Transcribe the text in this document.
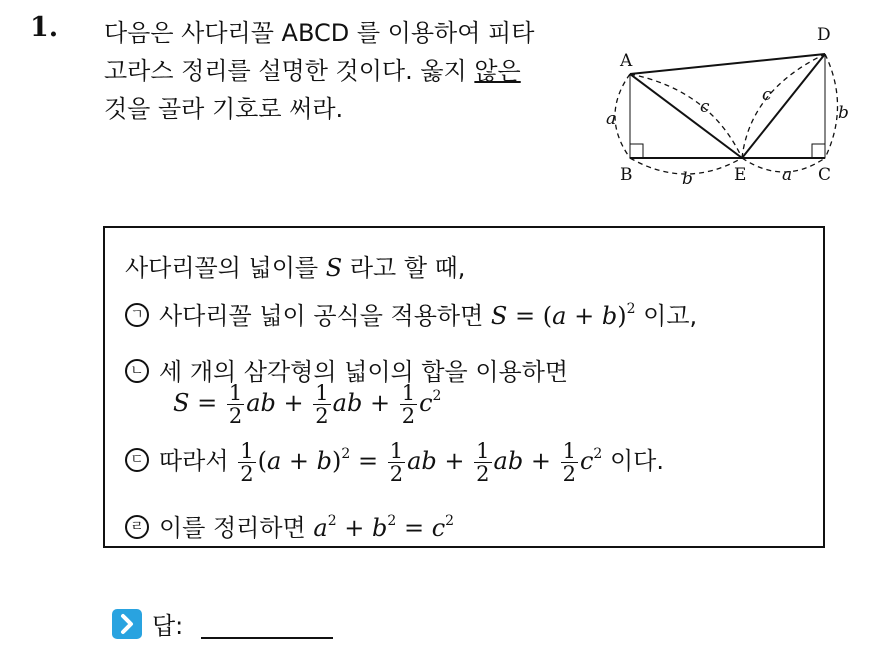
1. 다음은 사다리꼴 ABCD 를 이용하여 피타
고라스 정리를 설명한 것이다. 옳지 않은
것을 골라 기호로 써라.
A
B	C
D
E
a	b
c
c
b	a
사다리꼴의 넓이를 S 라고 할 때,
ㄱ 사다리꼴 넓이 공식을 적용하면 $S = (a + b)^2$ 이고,
ㄴ 세 개의 삼각형의 넓이의 합을 이용하면
$S = \frac{1}{2}$ ab + $\frac{1}{2}$ ab + $\frac{1}{2} c^2$
ㄷ 따라서 $\frac{1}{2} (a + b)^2 = \frac{1}{2}$ ab + $\frac{1}{2}$ ab + $\frac{1}{2} c^2$ 이다.
ㄹ 이를 정리하면 $a^2 + b^2 = c^2$
답:
